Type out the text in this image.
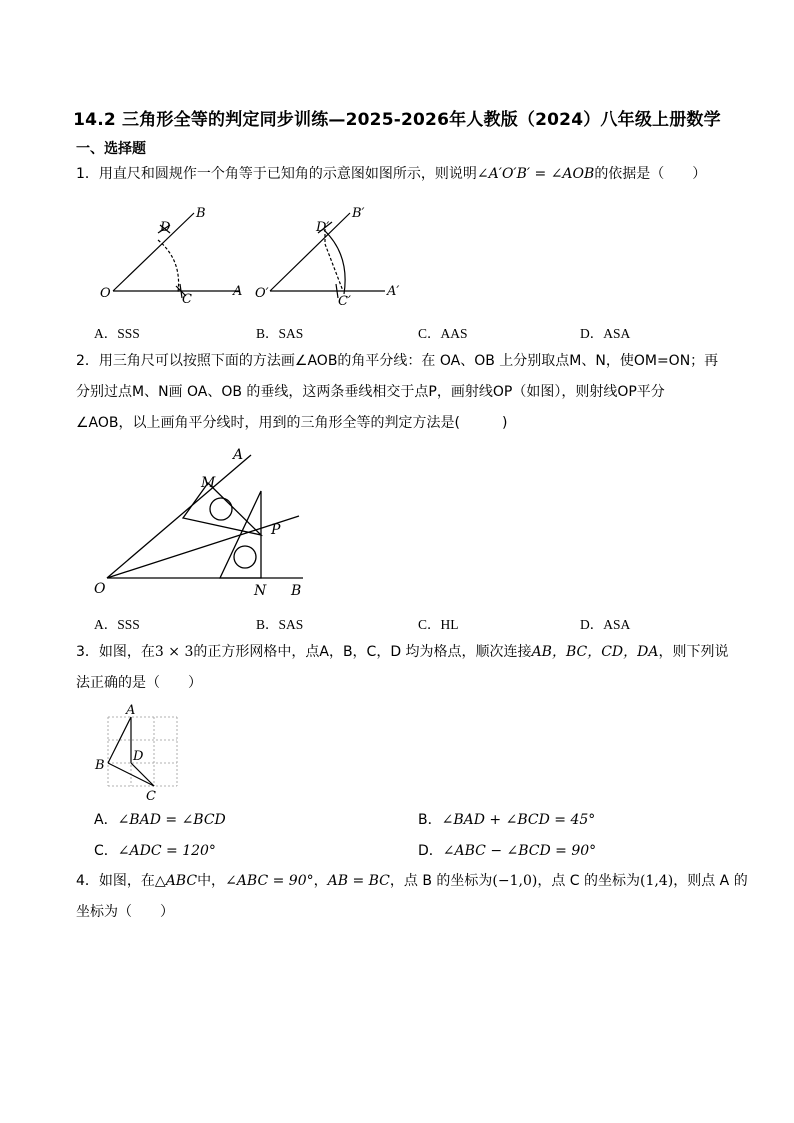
14.2 三角形全等的判定同步训练—2025-2026年人教版（2024）八年级上册数学
一、选择题
1．用直尺和圆规作一个角等于已知角的示意图如图所示，则说明∠A′O′B′ = ∠AOB的依据是（　　）
O	A
B
C
D
O′	A′
B′
C′
D′
A．SSS	B．SAS	C．AAS	D．ASA
2．用三角尺可以按照下面的方法画∠AOB的角平分线：在 OA、OB 上分别取点M、N，使OM=ON；再
分别过点M、N画 OA、OB 的垂线，这两条垂线相交于点P，画射线OP（如图），则射线OP平分
∠AOB，以上画角平分线时，用到的三角形全等的判定方法是(　　　)
A
M
P
O	N B
A．SSS	B．SAS	C．HL	D．ASA
3．如图，在3 × 3的正方形网格中，点A，B，C，D 均为格点，顺次连接AB，BC，CD，DA，则下列说
法正确的是（　　）
A
B
C
D
A．∠BAD = ∠BCD	B．∠BAD + ∠BCD = 45°
C．∠ADC = 120°	D．∠ABC − ∠BCD = 90°
4．如图，在△ABC中，∠ABC = 90°，AB = BC，点 B 的坐标为(−1,0)，点 C 的坐标为(1,4)，则点 A 的
坐标为（　　）
